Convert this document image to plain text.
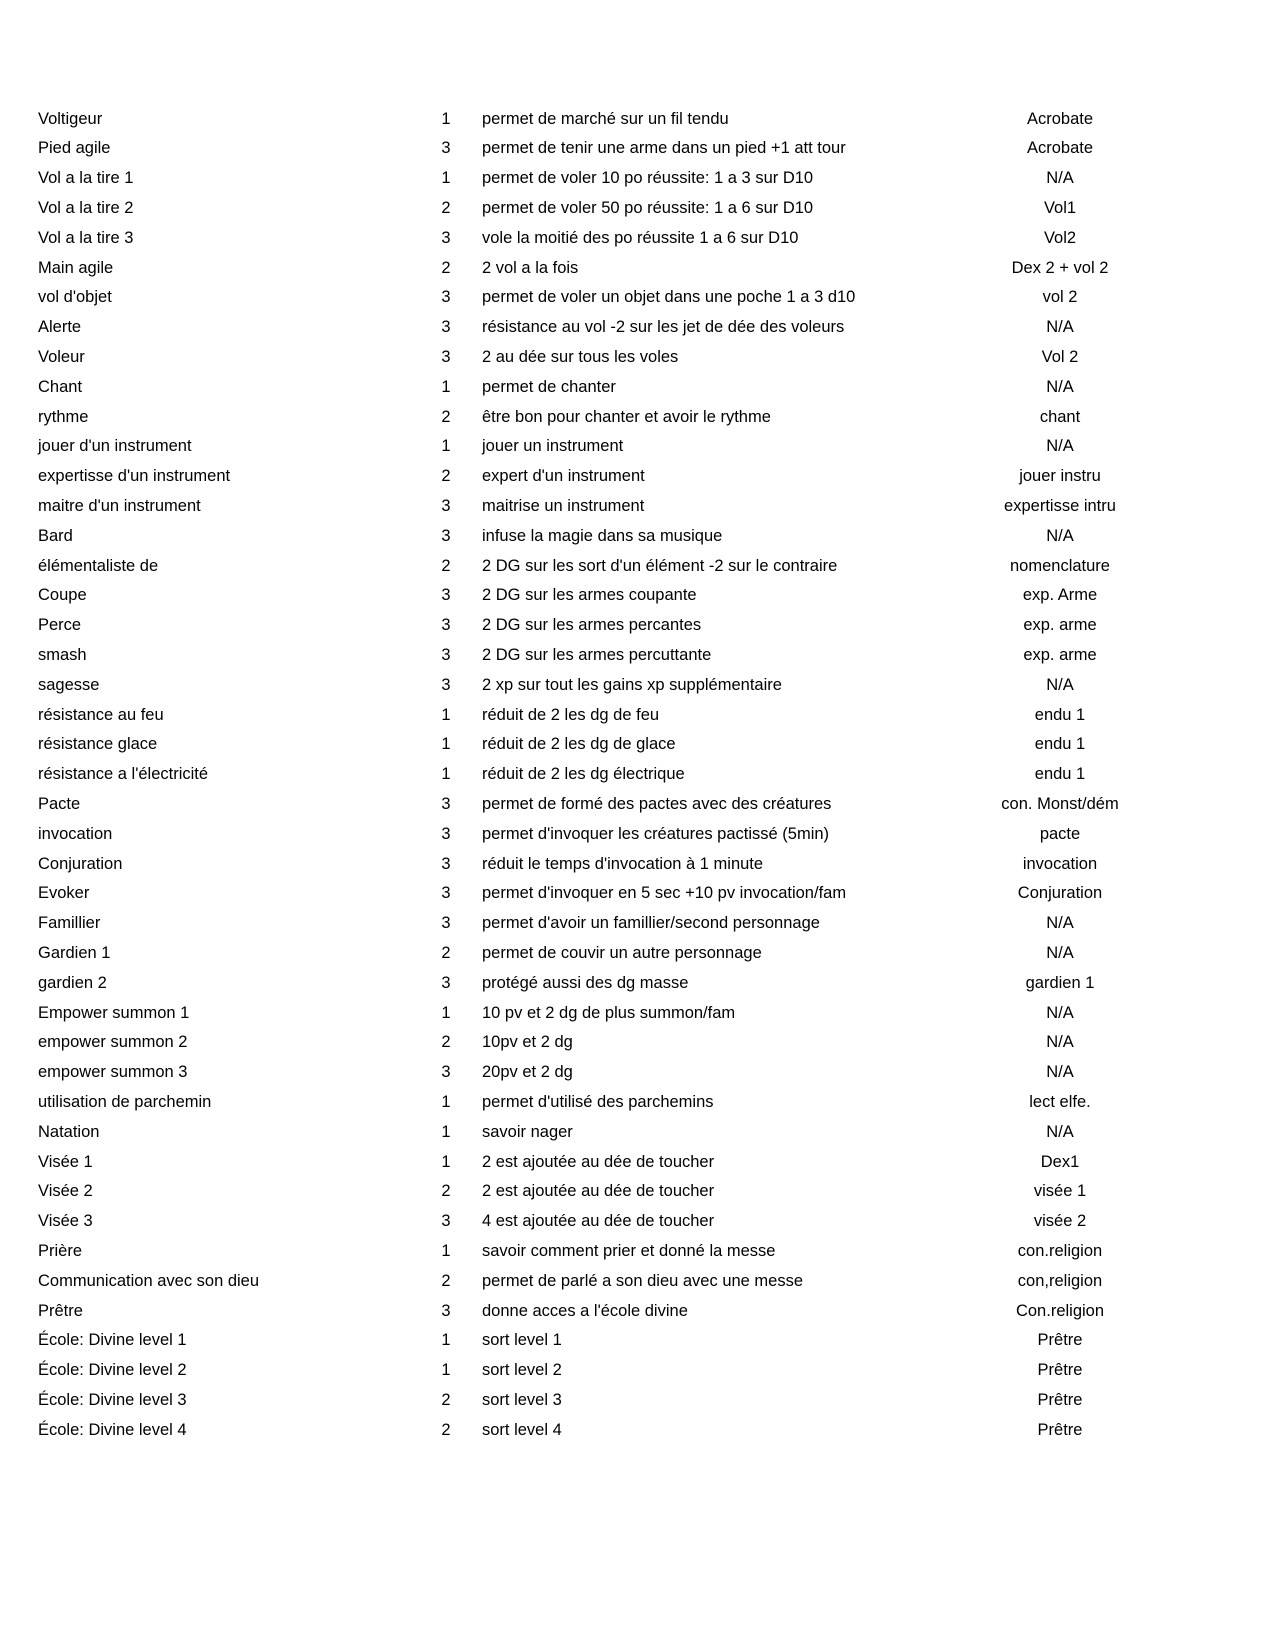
Voltigeur	1	permet de marché sur un fil tendu	Acrobate
Pied agile	3	permet de tenir une arme dans un pied +1 att tour	Acrobate
Vol a la tire 1	1	permet de voler 10 po réussite: 1 a 3 sur D10	N/A
Vol a la tire 2	2	permet de voler 50 po réussite: 1 a 6 sur D10	Vol1
Vol a la tire 3	3	vole la moitié des po réussite 1 a 6 sur D10	Vol2
Main agile	2	2 vol a la fois	Dex 2 + vol 2
vol d'objet	3	permet de voler un objet dans une poche 1 a 3 d10	vol 2
Alerte	3	résistance au vol -2 sur les jet de dée des voleurs	N/A
Voleur	3	2 au dée sur tous les voles	Vol 2
Chant	1	permet de chanter	N/A
rythme	2	être bon pour chanter et avoir le rythme	chant
jouer d'un instrument	1	jouer un instrument	N/A
expertisse d'un instrument	2	expert d'un instrument	jouer instru
maitre d'un instrument	3	maitrise un instrument	expertisse intru
Bard	3	infuse la magie dans sa musique	N/A
élémentaliste de	2	2 DG sur les sort d'un élément -2 sur le contraire	nomenclature
Coupe	3	2 DG sur les armes coupante	exp. Arme
Perce	3	2 DG sur les armes percantes	exp. arme
smash	3	2 DG sur les armes percuttante	exp. arme
sagesse	3	2 xp sur tout les gains xp supplémentaire	N/A
résistance au feu	1	réduit de 2 les dg de feu	endu 1
résistance glace	1	réduit de 2 les dg de glace	endu 1
résistance a l'électricité	1	réduit de 2 les dg électrique	endu 1
Pacte	3	permet de formé des pactes avec des créatures	con. Monst/dém
invocation	3	permet d'invoquer les créatures pactissé (5min)	pacte
Conjuration	3	réduit le temps d'invocation à 1 minute	invocation
Evoker	3	permet d'invoquer en 5 sec +10 pv invocation/fam	Conjuration
Famillier	3	permet d'avoir un famillier/second personnage	N/A
Gardien 1	2	permet de couvir un autre personnage	N/A
gardien 2	3	protégé aussi des dg masse	gardien 1
Empower summon 1	1	10 pv et 2 dg de plus summon/fam	N/A
empower summon 2	2	10pv et 2 dg	N/A
empower summon 3	3	20pv et 2 dg	N/A
utilisation de parchemin	1	permet d'utilisé des parchemins	lect elfe.
Natation	1	savoir nager	N/A
Visée 1	1	2 est ajoutée au dée de toucher	Dex1
Visée 2	2	2 est ajoutée au dée de toucher	visée 1
Visée 3	3	4 est ajoutée au dée de toucher	visée 2
Prière	1	savoir comment prier et donné la messe	con.religion
Communication avec son dieu	2	permet de parlé a son dieu avec une messe	con,religion
Prêtre	3	donne acces a l'école divine	Con.religion
École: Divine level 1	1	sort level 1	Prêtre
École: Divine level 2	1	sort level 2	Prêtre
École: Divine level 3	2	sort level 3	Prêtre
École: Divine level 4	2	sort level 4	Prêtre
